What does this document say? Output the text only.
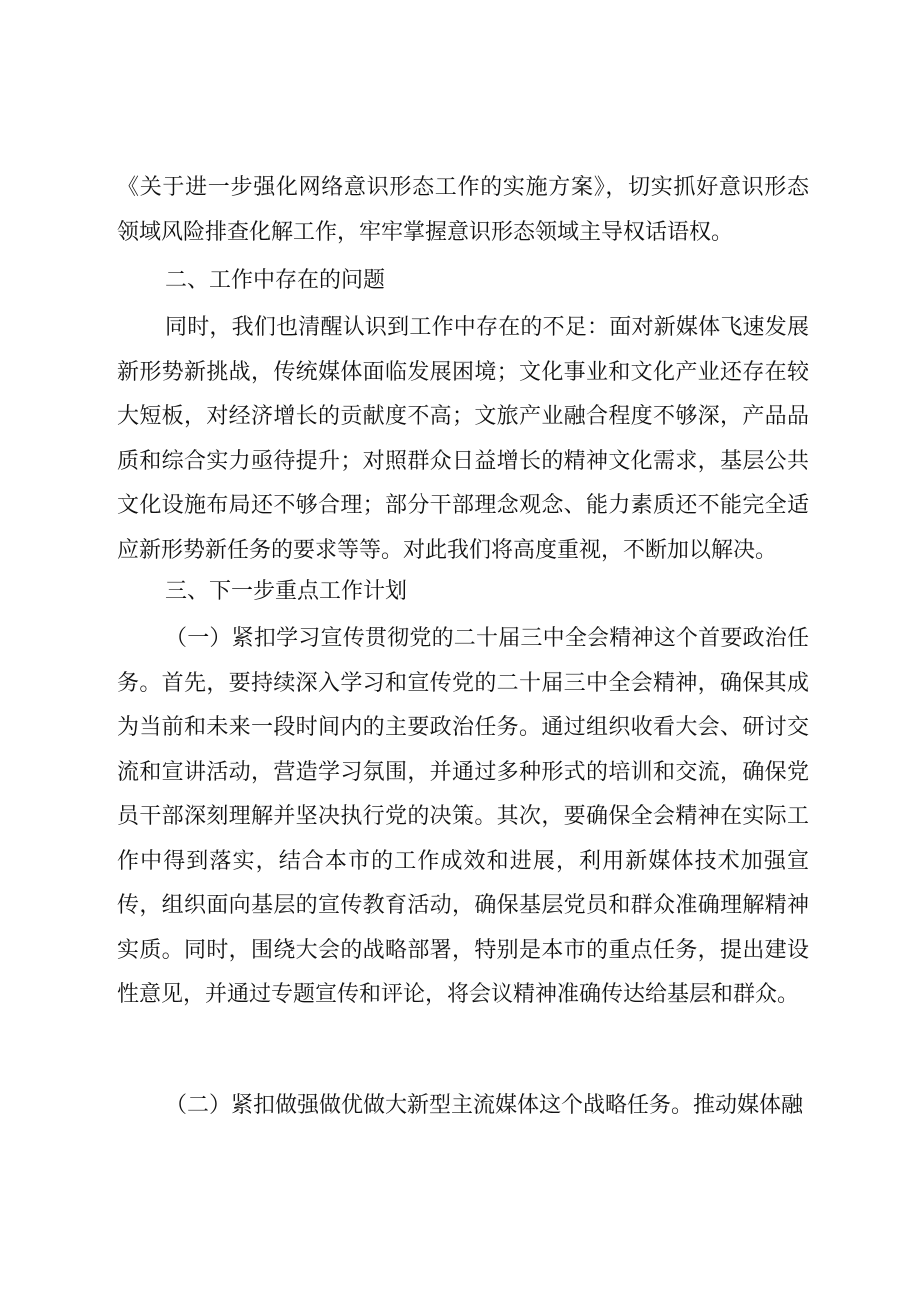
《关于进一步强化网络意识形态工作的实施方案》，切实抓好意识形态领域风险排查化解工作，牢牢掌握意识形态领域主导权话语权。

二、工作中存在的问题

同时，我们也清醒认识到工作中存在的不足：面对新媒体飞速发展新形势新挑战，传统媒体面临发展困境；文化事业和文化产业还存在较大短板，对经济增长的贡献度不高；文旅产业融合程度不够深，产品品质和综合实力亟待提升；对照群众日益增长的精神文化需求，基层公共文化设施布局还不够合理；部分干部理念观念、能力素质还不能完全适应新形势新任务的要求等等。对此我们将高度重视，不断加以解决。

三、下一步重点工作计划

（一）紧扣学习宣传贯彻党的二十届三中全会精神这个首要政治任务。首先，要持续深入学习和宣传党的二十届三中全会精神，确保其成为当前和未来一段时间内的主要政治任务。通过组织收看大会、研讨交流和宣讲活动，营造学习氛围，并通过多种形式的培训和交流，确保党员干部深刻理解并坚决执行党的决策。其次，要确保全会精神在实际工作中得到落实，结合本市的工作成效和进展，利用新媒体技术加强宣传，组织面向基层的宣传教育活动，确保基层党员和群众准确理解精神实质。同时，围绕大会的战略部署，特别是本市的重点任务，提出建设性意见，并通过专题宣传和评论，将会议精神准确传达给基层和群众。

（二）紧扣做强做优做大新型主流媒体这个战略任务。推动媒体融
